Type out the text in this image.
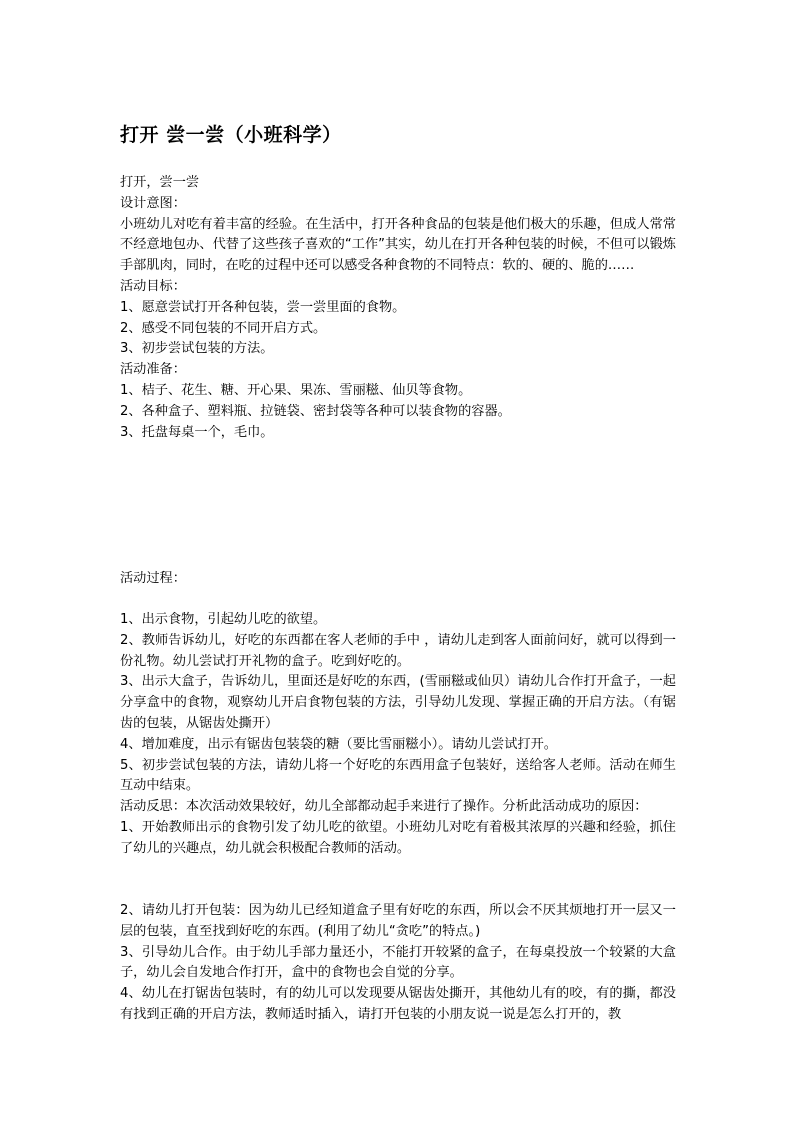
打开 尝一尝（小班科学）

打开，尝一尝

设计意图：

小班幼儿对吃有着丰富的经验。在生活中，打开各种食品的包装是他们极大的乐趣，但成人常常不经意地包办、代替了这些孩子喜欢的“工作”其实，幼儿在打开各种包装的时候，不但可以锻炼手部肌肉，同时，在吃的过程中还可以感受各种食物的不同特点：软的、硬的、脆的……

活动目标：

1、愿意尝试打开各种包装，尝一尝里面的食物。

2、感受不同包装的不同开启方式。

3、初步尝试包装的方法。

活动准备：

1、桔子、花生、糖、开心果、果冻、雪丽糍、仙贝等食物。

2、各种盒子、塑料瓶、拉链袋、密封袋等各种可以装食物的容器。

3、托盘每桌一个，毛巾。

活动过程：

1、出示食物，引起幼儿吃的欲望。

2、教师告诉幼儿，好吃的东西都在客人老师的手中 ，请幼儿走到客人面前问好，就可以得到一份礼物。幼儿尝试打开礼物的盒子。吃到好吃的。

3、出示大盒子，告诉幼儿，里面还是好吃的东西，(雪丽糍或仙贝）请幼儿合作打开盒子，一起分享盒中的食物，观察幼儿开启食物包装的方法，引导幼儿发现、掌握正确的开启方法。（有锯齿的包装，从锯齿处撕开）

4、增加难度，出示有锯齿包装袋的糖（要比雪丽糍小）。请幼儿尝试打开。

5、初步尝试包装的方法，请幼儿将一个好吃的东西用盒子包装好，送给客人老师。活动在师生互动中结束。

活动反思：本次活动效果较好，幼儿全部都动起手来进行了操作。分析此活动成功的原因：

1、开始教师出示的食物引发了幼儿吃的欲望。小班幼儿对吃有着极其浓厚的兴趣和经验，抓住了幼儿的兴趣点，幼儿就会积极配合教师的活动。

2、请幼儿打开包装：因为幼儿已经知道盒子里有好吃的东西，所以会不厌其烦地打开一层又一层的包装，直至找到好吃的东西。(利用了幼儿“贪吃”的特点。)

3、引导幼儿合作。由于幼儿手部力量还小，不能打开较紧的盒子，在每桌投放一个较紧的大盒子，幼儿会自发地合作打开，盒中的食物也会自觉的分享。

4、幼儿在打锯齿包装时，有的幼儿可以发现要从锯齿处撕开，其他幼儿有的咬，有的撕，都没有找到正确的开启方法，教师适时插入，请打开包装的小朋友说一说是怎么打开的，教
